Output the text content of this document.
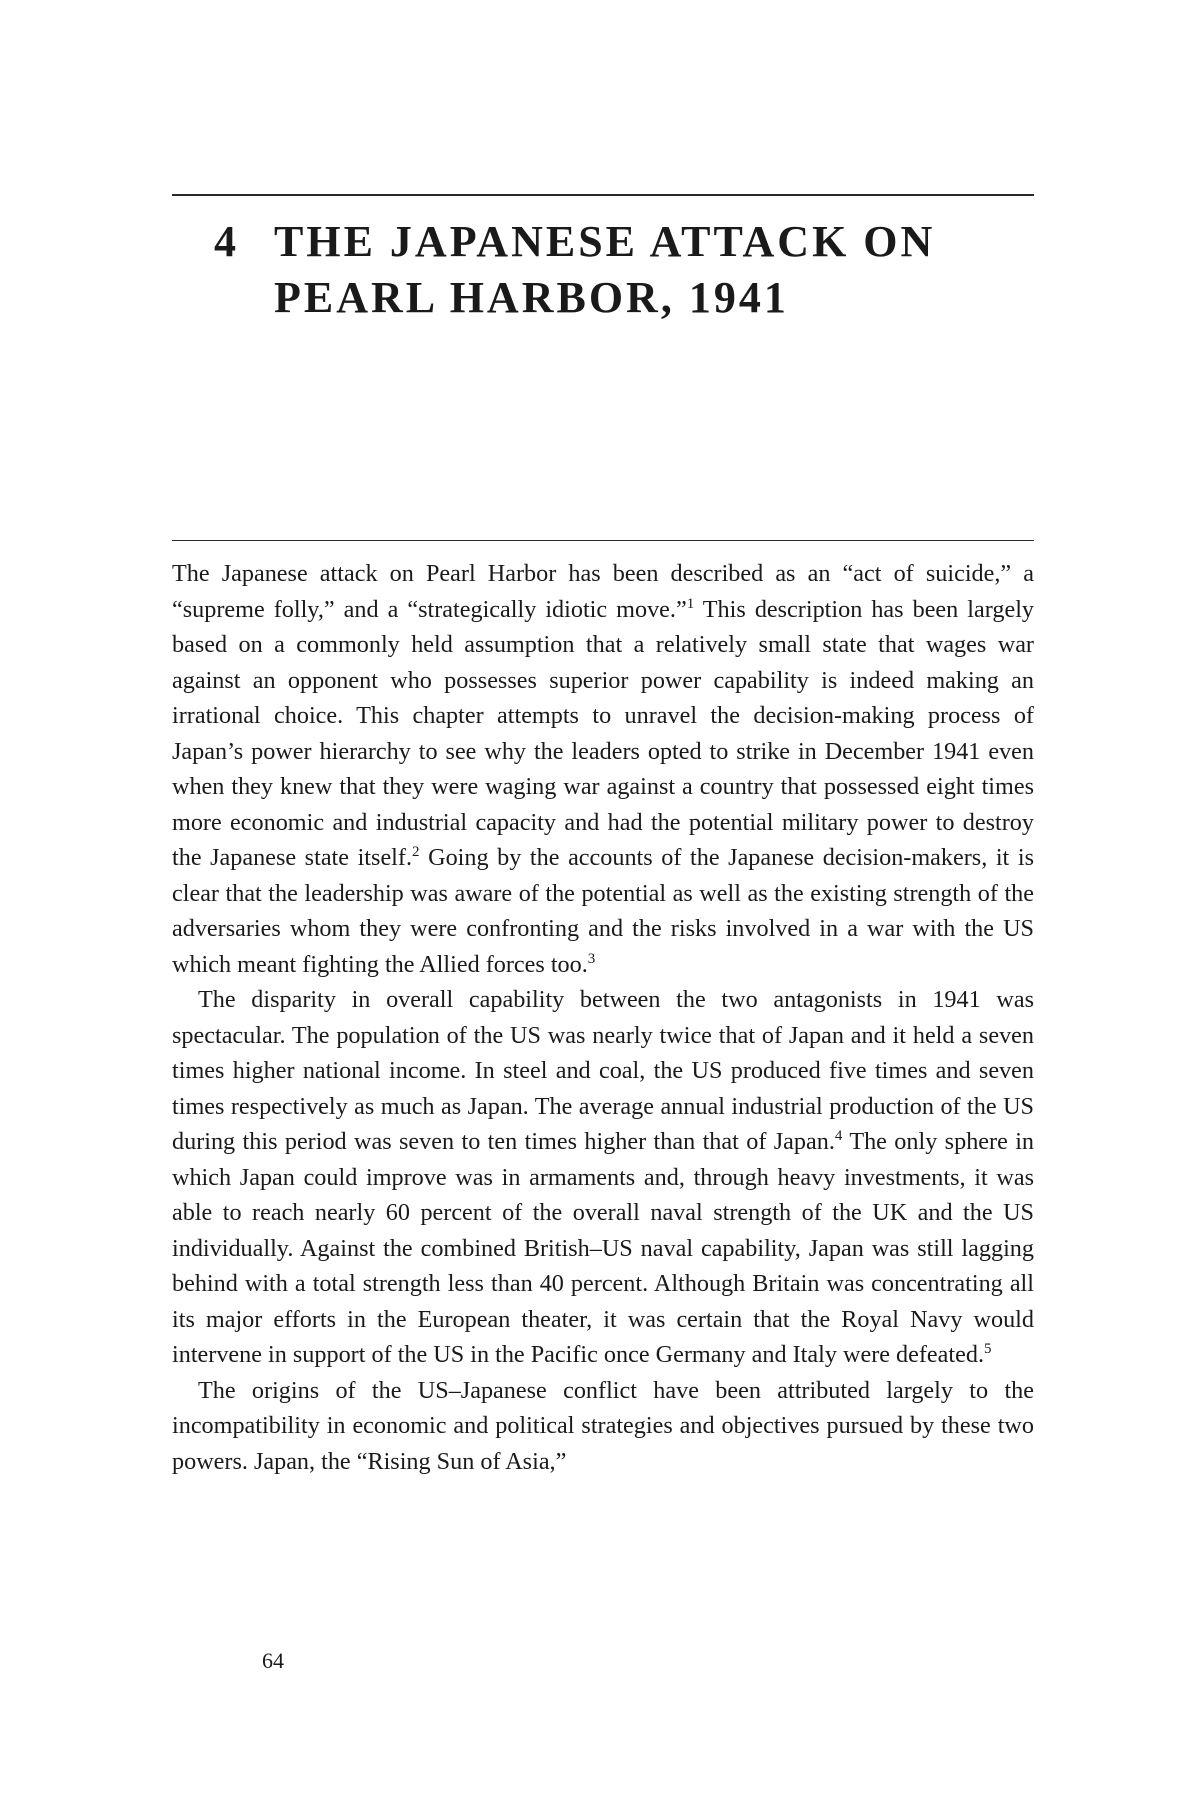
4 THE JAPANESE ATTACK ON
PEARL HARBOR, 1941

The Japanese attack on Pearl Harbor has been described as an “act of suicide,” a “supreme folly,” and a “strategically idiotic move.”$^1$ This description has been largely based on a commonly held assumption that a relatively small state that wages war against an opponent who possesses superior power capability is indeed making an irrational choice. This chapter attempts to unravel the decision-making process of Japan’s power hierarchy to see why the leaders opted to strike in December 1941 even when they knew that they were waging war against a country that possessed eight times more economic and industrial capacity and had the potential military power to destroy the Japanese state itself.$^2$ Going by the accounts of the Japanese decision-makers, it is clear that the leadership was aware of the potential as well as the existing strength of the adversaries whom they were confronting and the risks involved in a war with the US which meant fighting the Allied forces too.$^3$

The disparity in overall capability between the two antagonists in 1941 was spectacular. The population of the US was nearly twice that of Japan and it held a seven times higher national income. In steel and coal, the US produced five times and seven times respectively as much as Japan. The average annual industrial production of the US during this period was seven to ten times higher than that of Japan.$^4$ The only sphere in which Japan could improve was in armaments and, through heavy investments, it was able to reach nearly 60 percent of the overall naval strength of the UK and the US individually. Against the combined British–US naval capability, Japan was still lagging behind with a total strength less than 40 percent. Although Britain was concentrating all its major efforts in the European theater, it was certain that the Royal Navy would intervene in support of the US in the Pacific once Germany and Italy were defeated.$^5$

The origins of the US–Japanese conflict have been attributed largely to the incompatibility in economic and political strategies and objectives pursued by these two powers. Japan, the “Rising Sun of Asia,”

64
